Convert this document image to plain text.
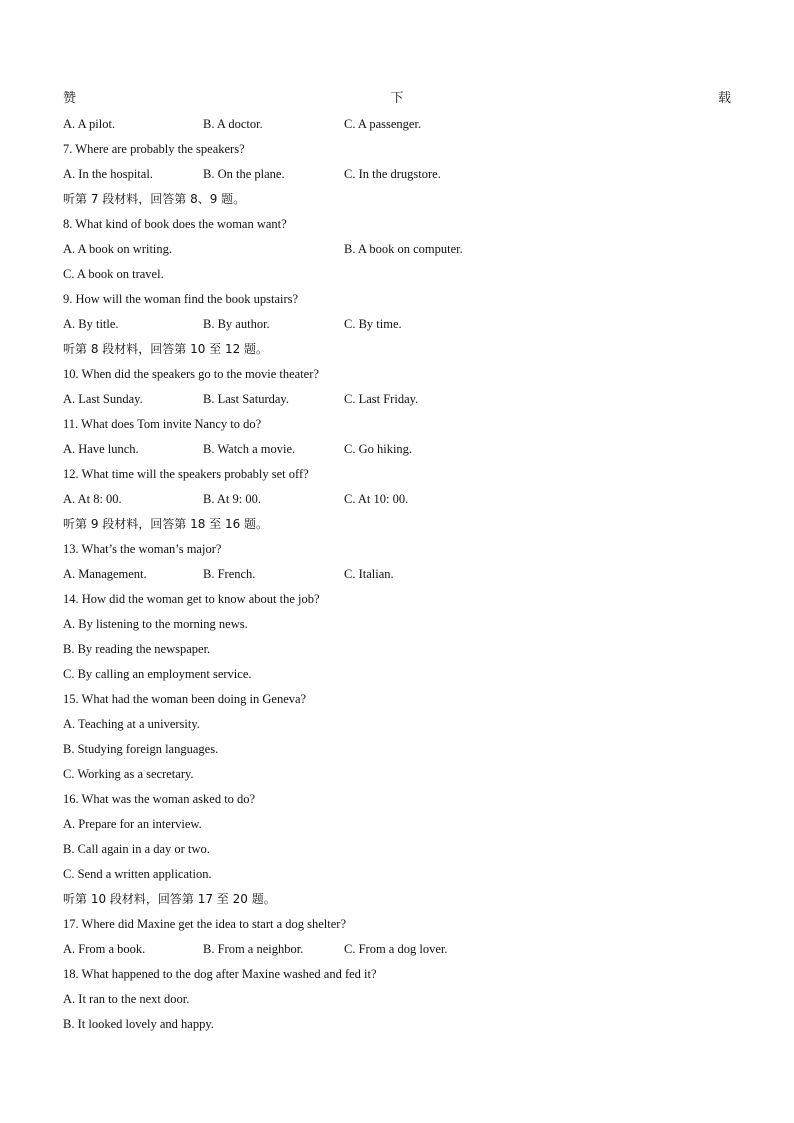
赞	下	载
A. A pilot.	B. A doctor.	C. A passenger.
7. Where are probably the speakers?
A. In the hospital.	B. On the plane.	C. In the drugstore.
听第 7 段材料，回答第 8、9 题。
8. What kind of book does the woman want?
A. A book on writing.	B. A book on computer.
C. A book on travel.
9. How will the woman find the book upstairs?
A. By title.	B. By author.	C. By time.
听第 8 段材料，回答第 10 至 12 题。
10. When did the speakers go to the movie theater?
A. Last Sunday.	B. Last Saturday.	C. Last Friday.
11. What does Tom invite Nancy to do?
A. Have lunch.	B. Watch a movie.	C. Go hiking.
12. What time will the speakers probably set off?
A. At 8: 00.	B. At 9: 00.	C. At 10: 00.
听第 9 段材料，回答第 18 至 16 题。
13. What’s the woman’s major?
A. Management.	B. French.	C. Italian.
14. How did the woman get to know about the job?
A. By listening to the morning news.
B. By reading the newspaper.
C. By calling an employment service.
15. What had the woman been doing in Geneva?
A. Teaching at a university.
B. Studying foreign languages.
C. Working as a secretary.
16. What was the woman asked to do?
A. Prepare for an interview.
B. Call again in a day or two.
C. Send a written application.
听第 10 段材料，回答第 17 至 20 题。
17. Where did Maxine get the idea to start a dog shelter?
A. From a book.	B. From a neighbor.	C. From a dog lover.
18. What happened to the dog after Maxine washed and fed it?
A. It ran to the next door.
B. It looked lovely and happy.
